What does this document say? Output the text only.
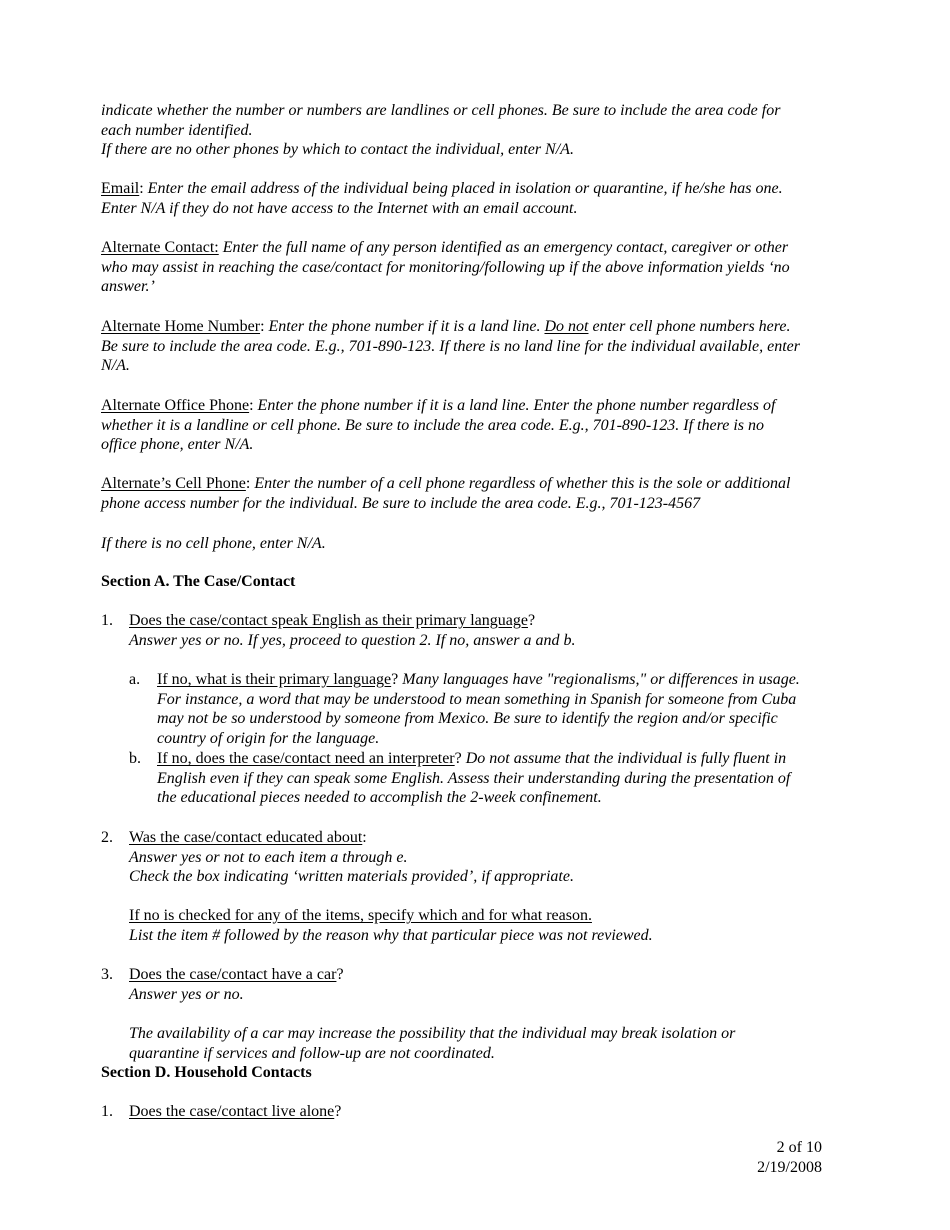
indicate whether the number or numbers are landlines or cell phones. Be sure to include the area code for
each number identified.
If there are no other phones by which to contact the individual, enter N/A.
Email: Enter the email address of the individual being placed in isolation or quarantine, if he/she has one.
Enter N/A if they do not have access to the Internet with an email account.
Alternate Contact: Enter the full name of any person identified as an emergency contact, caregiver or other
who may assist in reaching the case/contact for monitoring/following up if the above information yields ‘no
answer.’
Alternate Home Number: Enter the phone number if it is a land line. Do not enter cell phone numbers here.
Be sure to include the area code. E.g., 701-890-123. If there is no land line for the individual available, enter
N/A.
Alternate Office Phone: Enter the phone number if it is a land line. Enter the phone number regardless of
whether it is a landline or cell phone. Be sure to include the area code. E.g., 701-890-123. If there is no
office phone, enter N/A.
Alternate’s Cell Phone: Enter the number of a cell phone regardless of whether this is the sole or additional
phone access number for the individual. Be sure to include the area code. E.g., 701-123-4567
If there is no cell phone, enter N/A.
Section A. The Case/Contact
1. Does the case/contact speak English as their primary language?
Answer yes or no. If yes, proceed to question 2. If no, answer a and b.
a. If no, what is their primary language? Many languages have "regionalisms," or differences in usage.
For instance, a word that may be understood to mean something in Spanish for someone from Cuba
may not be so understood by someone from Mexico. Be sure to identify the region and/or specific
country of origin for the language.
b. If no, does the case/contact need an interpreter? Do not assume that the individual is fully fluent in
English even if they can speak some English. Assess their understanding during the presentation of
the educational pieces needed to accomplish the 2-week confinement.
2. Was the case/contact educated about:
Answer yes or not to each item a through e.
Check the box indicating ‘written materials provided’, if appropriate.
If no is checked for any of the items, specify which and for what reason.
List the item # followed by the reason why that particular piece was not reviewed.
3. Does the case/contact have a car?
Answer yes or no.
The availability of a car may increase the possibility that the individual may break isolation or
quarantine if services and follow-up are not coordinated.
Section D. Household Contacts
1. Does the case/contact live alone?
2 of 10
2/19/2008
